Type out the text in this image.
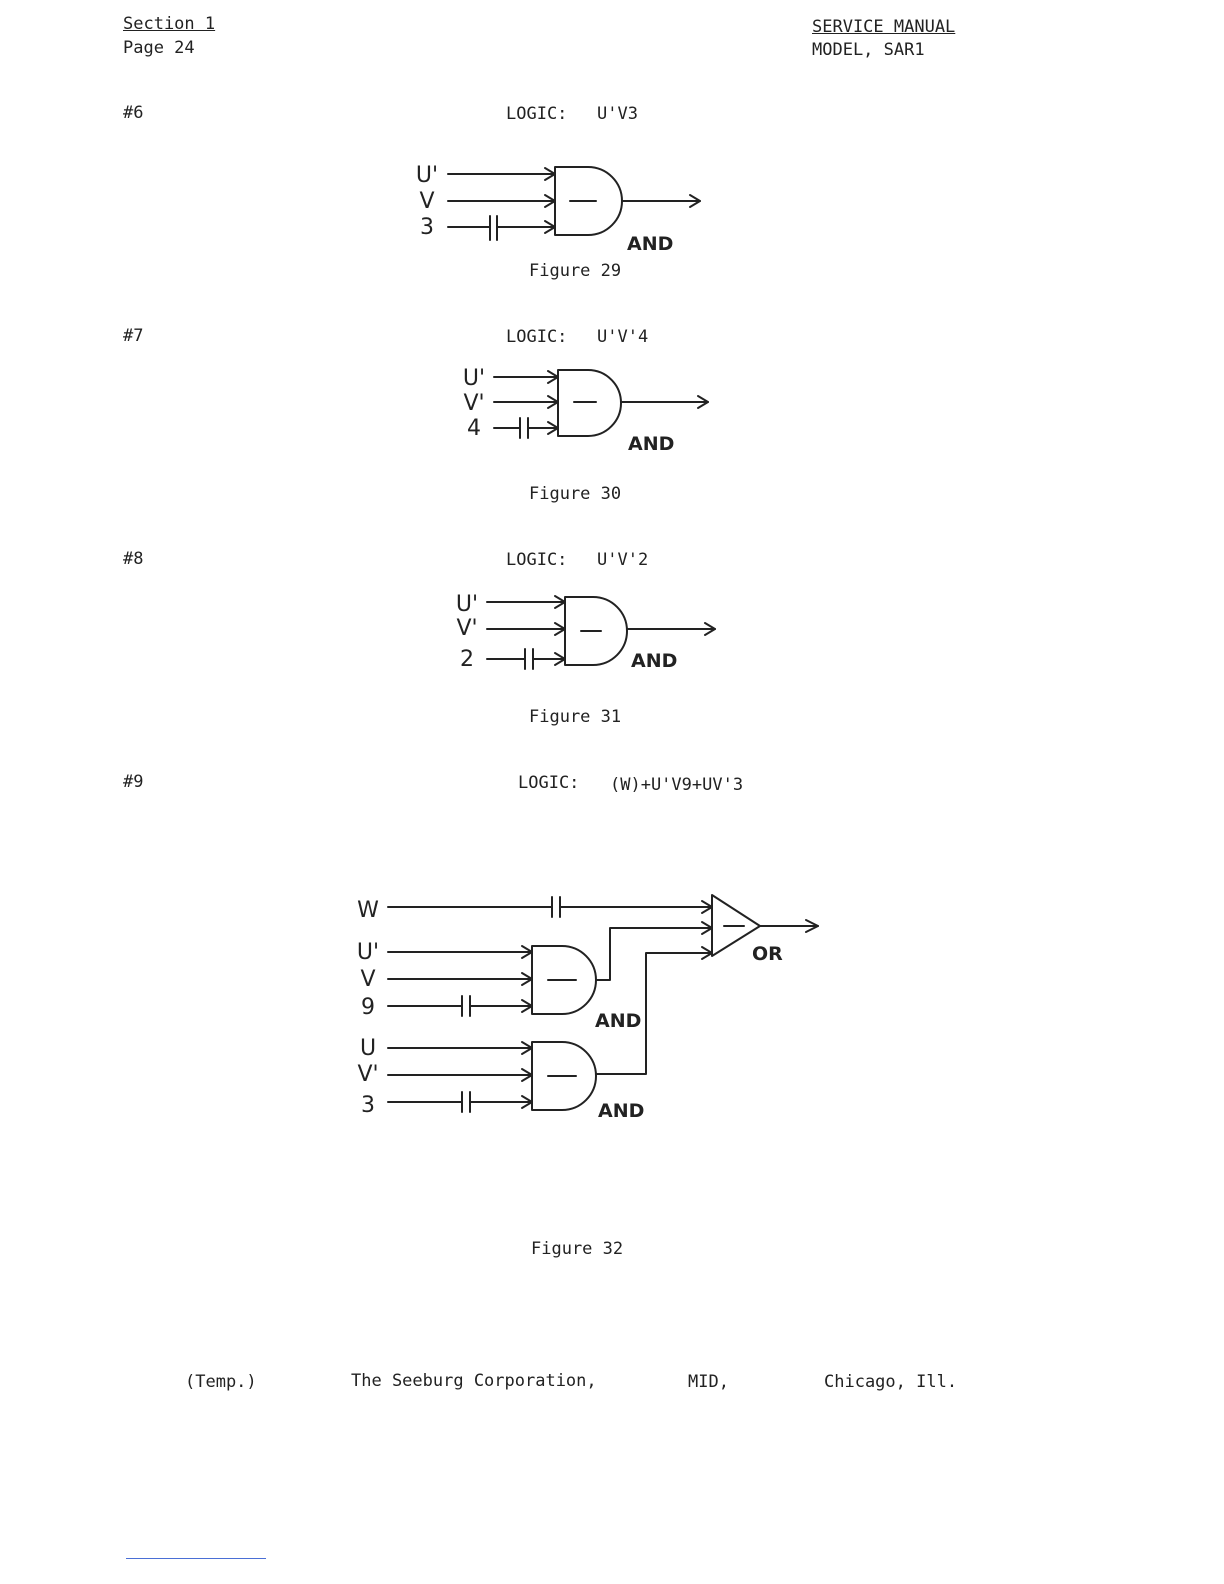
Section 1
Page 24
SERVICE MANUAL
MODEL, SAR1
#6	LOGIC: U'V3
U'
V
3
AND
Figure 29
#7	LOGIC: U'V'4
U'
V'
4
AND
Figure 30
#8	LOGIC: U'V'2
U'
V'
2	AND
Figure 31
#9	LOGIC: (W)+U'V9+UV'3
W
U'
V
9
U
V'
3
OR
AND
AND
Figure 32
(Temp.)	The Seeburg Corporation,	MID,	Chicago, Ill.
